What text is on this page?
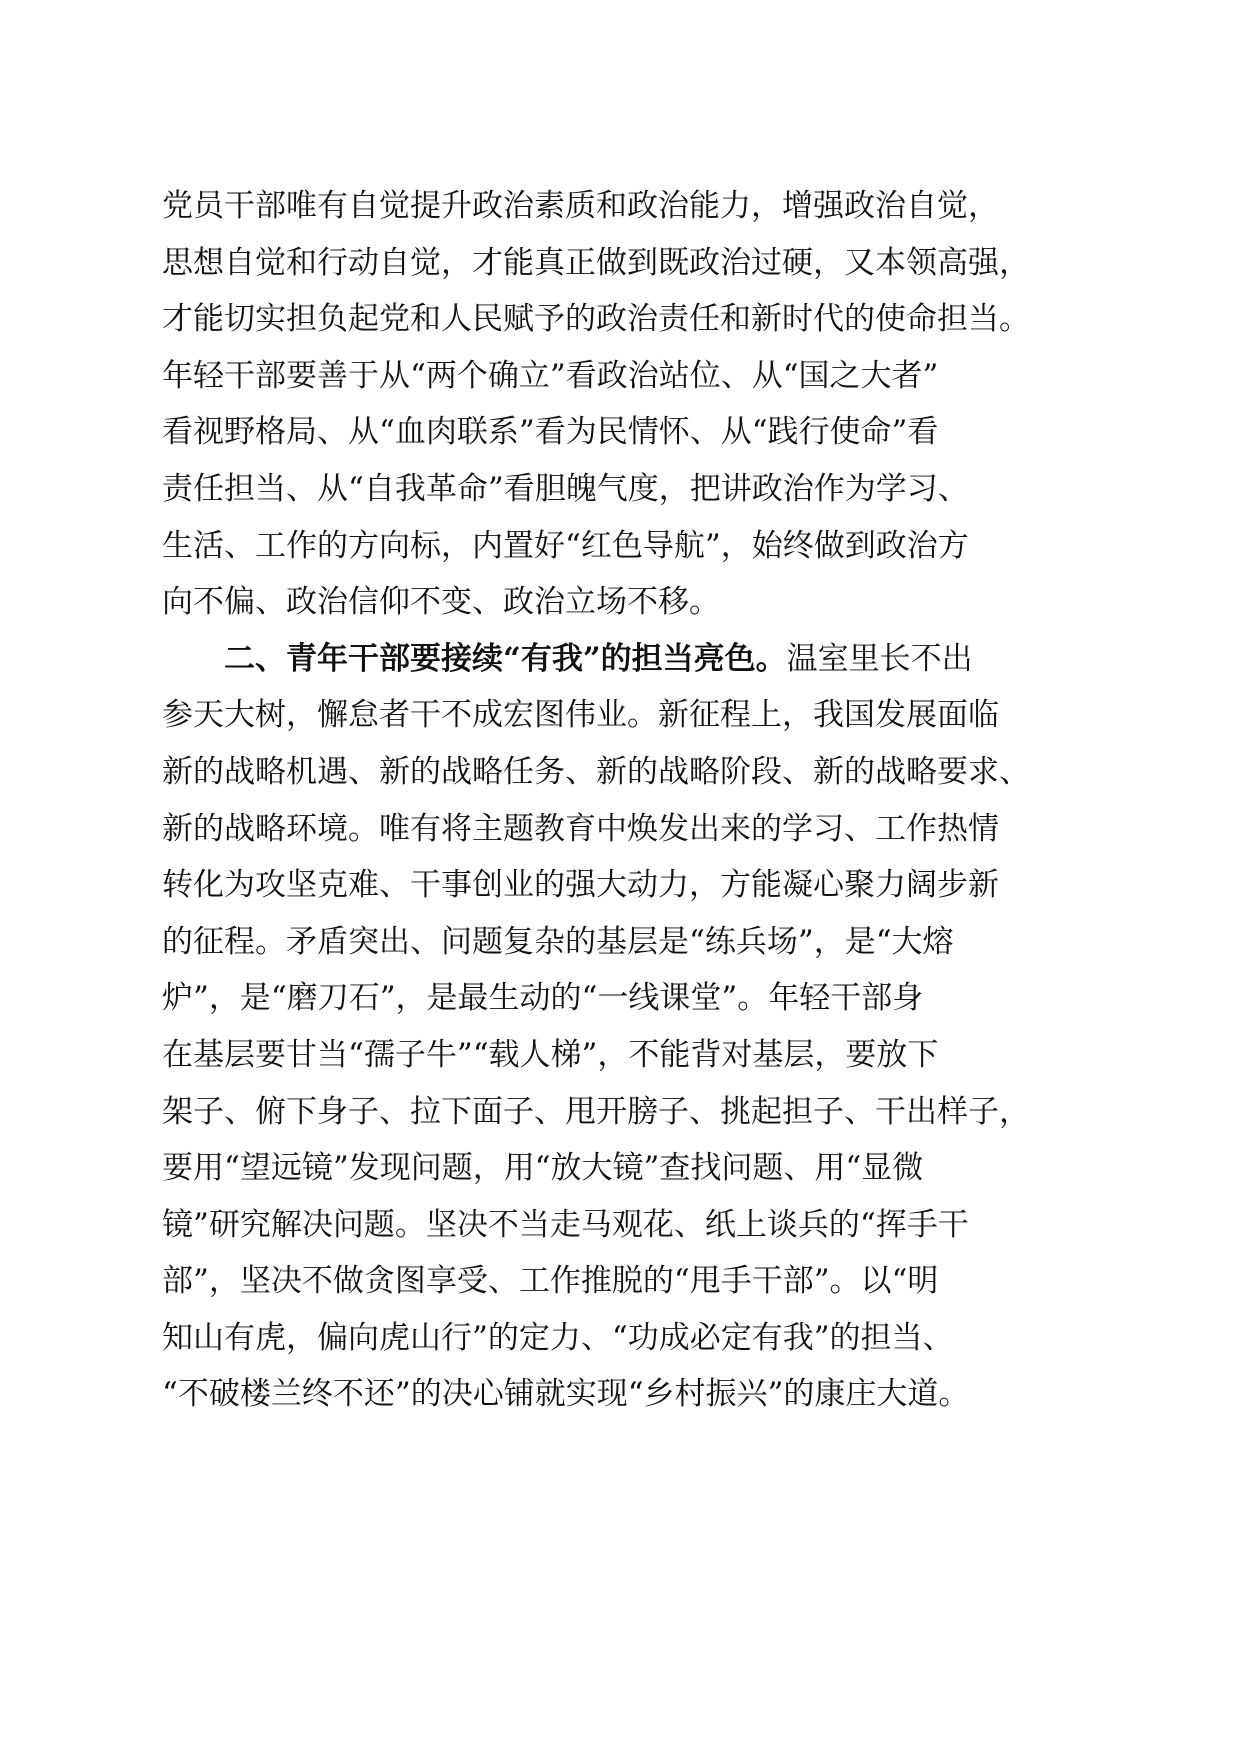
党员干部唯有自觉提升政治素质和政治能力，增强政治自觉，
思想自觉和行动自觉，才能真正做到既政治过硬，又本领高强，
才能切实担负起党和人民赋予的政治责任和新时代的使命担当。
年轻干部要善于从“两个确立”看政治站位、从“国之大者”
看视野格局、从“血肉联系”看为民情怀、从“践行使命”看
责任担当、从“自我革命”看胆魄气度，把讲政治作为学习、
生活、工作的方向标，内置好“红色导航”，始终做到政治方
向不偏、政治信仰不变、政治立场不移。
二、青年干部要接续“有我”的担当亮色。温室里长不出
参天大树，懈怠者干不成宏图伟业。新征程上，我国发展面临
新的战略机遇、新的战略任务、新的战略阶段、新的战略要求、
新的战略环境。唯有将主题教育中焕发出来的学习、工作热情
转化为攻坚克难、干事创业的强大动力，方能凝心聚力阔步新
的征程。矛盾突出、问题复杂的基层是“练兵场”，是“大熔
炉”，是“磨刀石”，是最生动的“一线课堂”。年轻干部身
在基层要甘当“孺子牛”“载人梯”，不能背对基层，要放下
架子、俯下身子、拉下面子、甩开膀子、挑起担子、干出样子，
要用“望远镜”发现问题，用“放大镜”查找问题、用“显微
镜”研究解决问题。坚决不当走马观花、纸上谈兵的“挥手干
部”，坚决不做贪图享受、工作推脱的“甩手干部”。以“明
知山有虎，偏向虎山行”的定力、“功成必定有我”的担当、
“不破楼兰终不还”的决心铺就实现“乡村振兴”的康庄大道。
